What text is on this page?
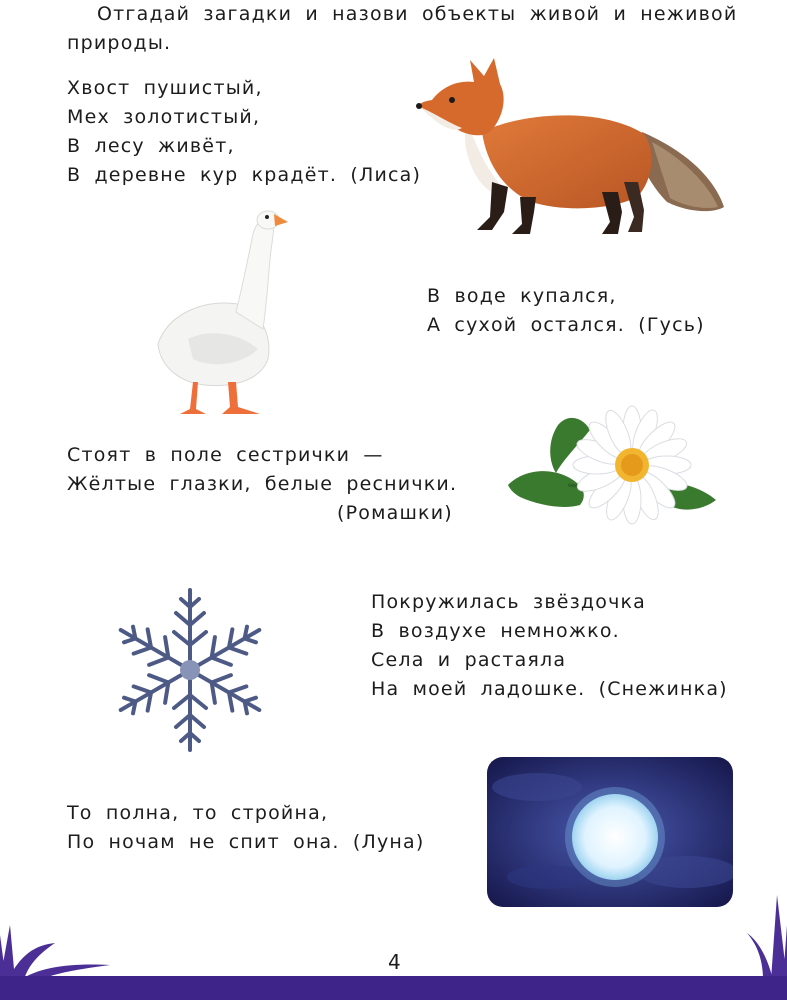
Отгадай загадки и назови объекты живой и неживой
природы.
Хвост пушистый,
Мех золотистый,
В лесу живёт,
В деревне кур крадёт. (Лиса)
В воде купался,
А сухой остался. (Гусь)
Стоят в поле сестрички —
Жёлтые глазки, белые реснички.
(Ромашки)
Покружилась звёздочка
В воздухе немножко.
Села и растаяла
На моей ладошке. (Снежинка)
То полна, то стройна,
По ночам не спит она. (Луна)
4
